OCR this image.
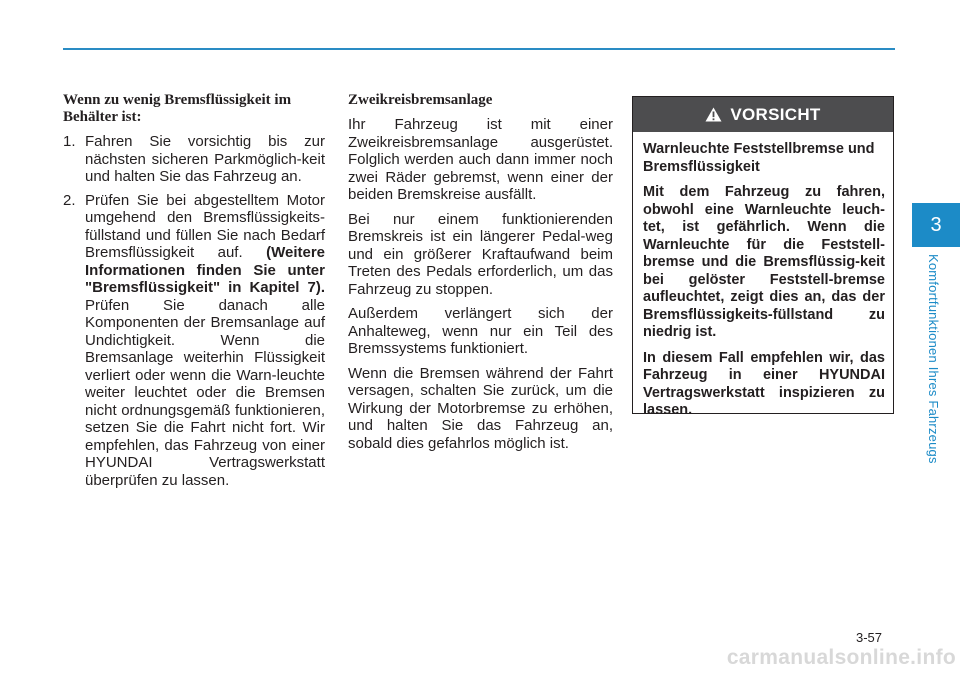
3
Komfortfunktionen Ihres Fahrzeugs
Wenn zu wenig Bremsflüssigkeit im Behälter ist:
1. Fahren Sie vorsichtig bis zur nächsten sicheren Parkmöglich-keit und halten Sie das Fahrzeug an.
2. Prüfen Sie bei abgestelltem Motor umgehend den Bremsflüssigkeits-füllstand und füllen Sie nach Bedarf Bremsflüssigkeit auf. (Weitere Informationen finden Sie unter "Bremsflüssigkeit" in Kapitel 7). Prüfen Sie danach alle Komponenten der Bremsanlage auf Undichtigkeit. Wenn die Bremsanlage weiterhin Flüssigkeit verliert oder wenn die Warn-leuchte weiter leuchtet oder die Bremsen nicht ordnungsgemäß funktionieren, setzen Sie die Fahrt nicht fort. Wir empfehlen, das Fahrzeug von einer HYUNDAI Vertragswerkstatt überprüfen zu lassen.
Zweikreisbremsanlage

Ihr Fahrzeug ist mit einer Zweikreisbremsanlage ausgerüstet. Folglich werden auch dann immer noch zwei Räder gebremst, wenn einer der beiden Bremskreise ausfällt.

Bei nur einem funktionierenden Bremskreis ist ein längerer Pedal-weg und ein größerer Kraftaufwand beim Treten des Pedals erforderlich, um das Fahrzeug zu stoppen.

Außerdem verlängert sich der Anhalteweg, wenn nur ein Teil des Bremssystems funktioniert.

Wenn die Bremsen während der Fahrt versagen, schalten Sie zurück, um die Wirkung der Motorbremse zu erhöhen, und halten Sie das Fahrzeug an, sobald dies gefahrlos möglich ist.

VORSICHT

Warnleuchte Feststellbremse und Bremsflüssigkeit

Mit dem Fahrzeug zu fahren, obwohl eine Warnleuchte leuch-tet, ist gefährlich. Wenn die Warnleuchte für die Feststell-bremse und die Bremsflüssig-keit bei gelöster Feststell-bremse aufleuchtet, zeigt dies an, das der Bremsflüssigkeits-füllstand zu niedrig ist.

In diesem Fall empfehlen wir, das Fahrzeug in einer HYUNDAI Vertragswerkstatt inspizieren zu lassen.

3-57
carmanualsonline.info
